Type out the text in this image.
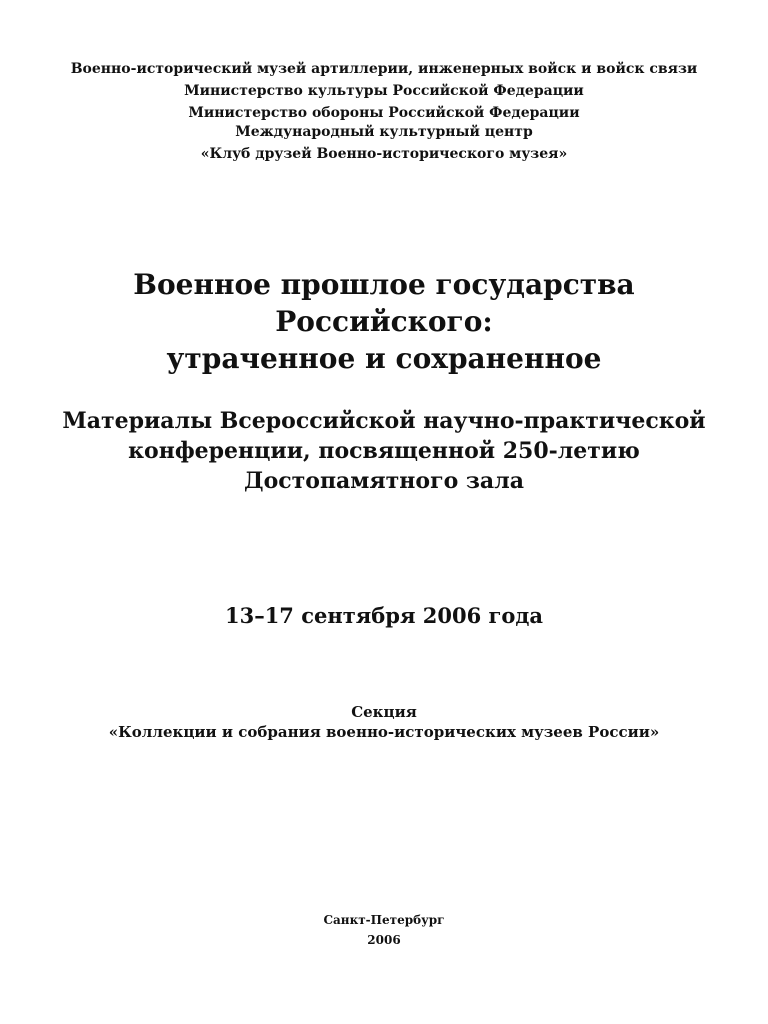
Военно-исторический музей артиллерии, инженерных войск и войск связи
Министерство культуры Российской Федерации
Министерство обороны Российской Федерации
Международный культурный центр
«Клуб друзей Военно-исторического музея»
Военное прошлое государства
Российского:
утраченное и сохраненное
Материалы Всероссийской научно-практической
конференции, посвященной 250-летию
Достопамятного зала
13–17 сентября 2006 года
Секция
«Коллекции и собрания военно-исторических музеев России»
Санкт-Петербург
2006
